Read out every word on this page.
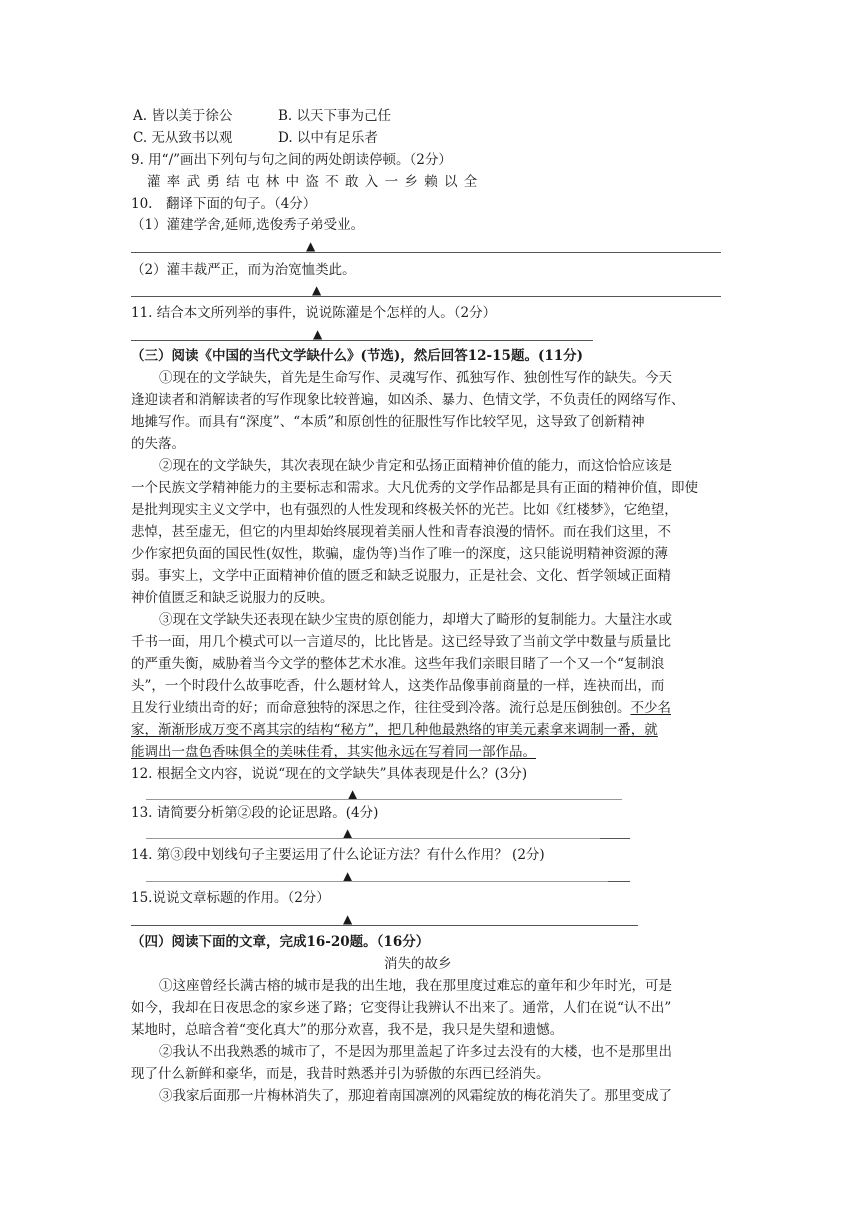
A. 皆以美于徐公	B. 以天下事为己任
C. 无从致书以观	D. 以中有足乐者
9. 用“/”画出下列句与句之间的两处朗读停顿。（2分）
灌率武勇结屯林中盗不敢入一乡赖以全
10.　翻译下面的句子。（4分）
（1）灌建学舍,延师,选俊秀子弟受业。
▲
（2）灌丰裁严正，而为治宽恤类此。
▲
11. 结合本文所列举的事件，说说陈灌是个怎样的人。（2分）
▲
（三）阅读《中国的当代文学缺什么》(节选)，然后回答12-15题。(11分)
①现在的文学缺失，首先是生命写作、灵魂写作、孤独写作、独创性写作的缺失。今天
逢迎读者和消解读者的写作现象比较普遍，如凶杀、暴力、色情文学，不负责任的网络写作、
地摊写作。而具有“深度”、“本质”和原创性的征服性写作比较罕见，这导致了创新精神
的失落。
②现在的文学缺失，其次表现在缺少肯定和弘扬正面精神价值的能力，而这恰恰应该是
一个民族文学精神能力的主要标志和需求。大凡优秀的文学作品都是具有正面的精神价值，即使
是批判现实主义文学中，也有强烈的人性发现和终极关怀的光芒。比如《红楼梦》，它绝望，
悲悼，甚至虚无，但它的内里却始终展现着美丽人性和青春浪漫的情怀。而在我们这里，不
少作家把负面的国民性(奴性，欺骗，虚伪等)当作了唯一的深度，这只能说明精神资源的薄
弱。事实上，文学中正面精神价值的匮乏和缺乏说服力，正是社会、文化、哲学领域正面精
神价值匮乏和缺乏说服力的反映。
③现在文学缺失还表现在缺少宝贵的原创能力，却增大了畸形的复制能力。大量注水或
千书一面，用几个模式可以一言道尽的，比比皆是。这已经导致了当前文学中数量与质量比
的严重失衡，威胁着当今文学的整体艺术水准。这些年我们亲眼目睹了一个又一个“复制浪
头”，一个时段什么故事吃香，什么题材耸人，这类作品像事前商量的一样，连袂而出，而
且发行业绩出奇的好；而命意独特的深思之作，往往受到冷落。流行总是压倒独创。不少名
家，渐渐形成万变不离其宗的结构“秘方”，把几种他最熟络的审美元素拿来调制一番，就
能调出一盘色香味俱全的美味佳肴，其实他永远在写着同一部作品。
12. 根据全文内容，说说“现在的文学缺失”具体表现是什么？(3分)
▲
13. 请简要分析第②段的论证思路。(4分)
▲
14. 第③段中划线句子主要运用了什么论证方法？有什么作用？ (2分)
▲
15.说说文章标题的作用。（2分）
▲
（四）阅读下面的文章，完成16-20题。（16分）
消失的故乡
①这座曾经长满古榕的城市是我的出生地，我在那里度过难忘的童年和少年时光，可是
如今，我却在日夜思念的家乡迷了路；它变得让我辨认不出来了。通常，人们在说“认不出”
某地时，总暗含着“变化真大”的那分欢喜，我不是，我只是失望和遗憾。
②我认不出我熟悉的城市了，不是因为那里盖起了许多过去没有的大楼，也不是那里出
现了什么新鲜和豪华，而是，我昔时熟悉并引为骄傲的东西已经消失。
③我家后面那一片梅林消失了，那迎着南国凛冽的风霜绽放的梅花消失了。那里变成了
